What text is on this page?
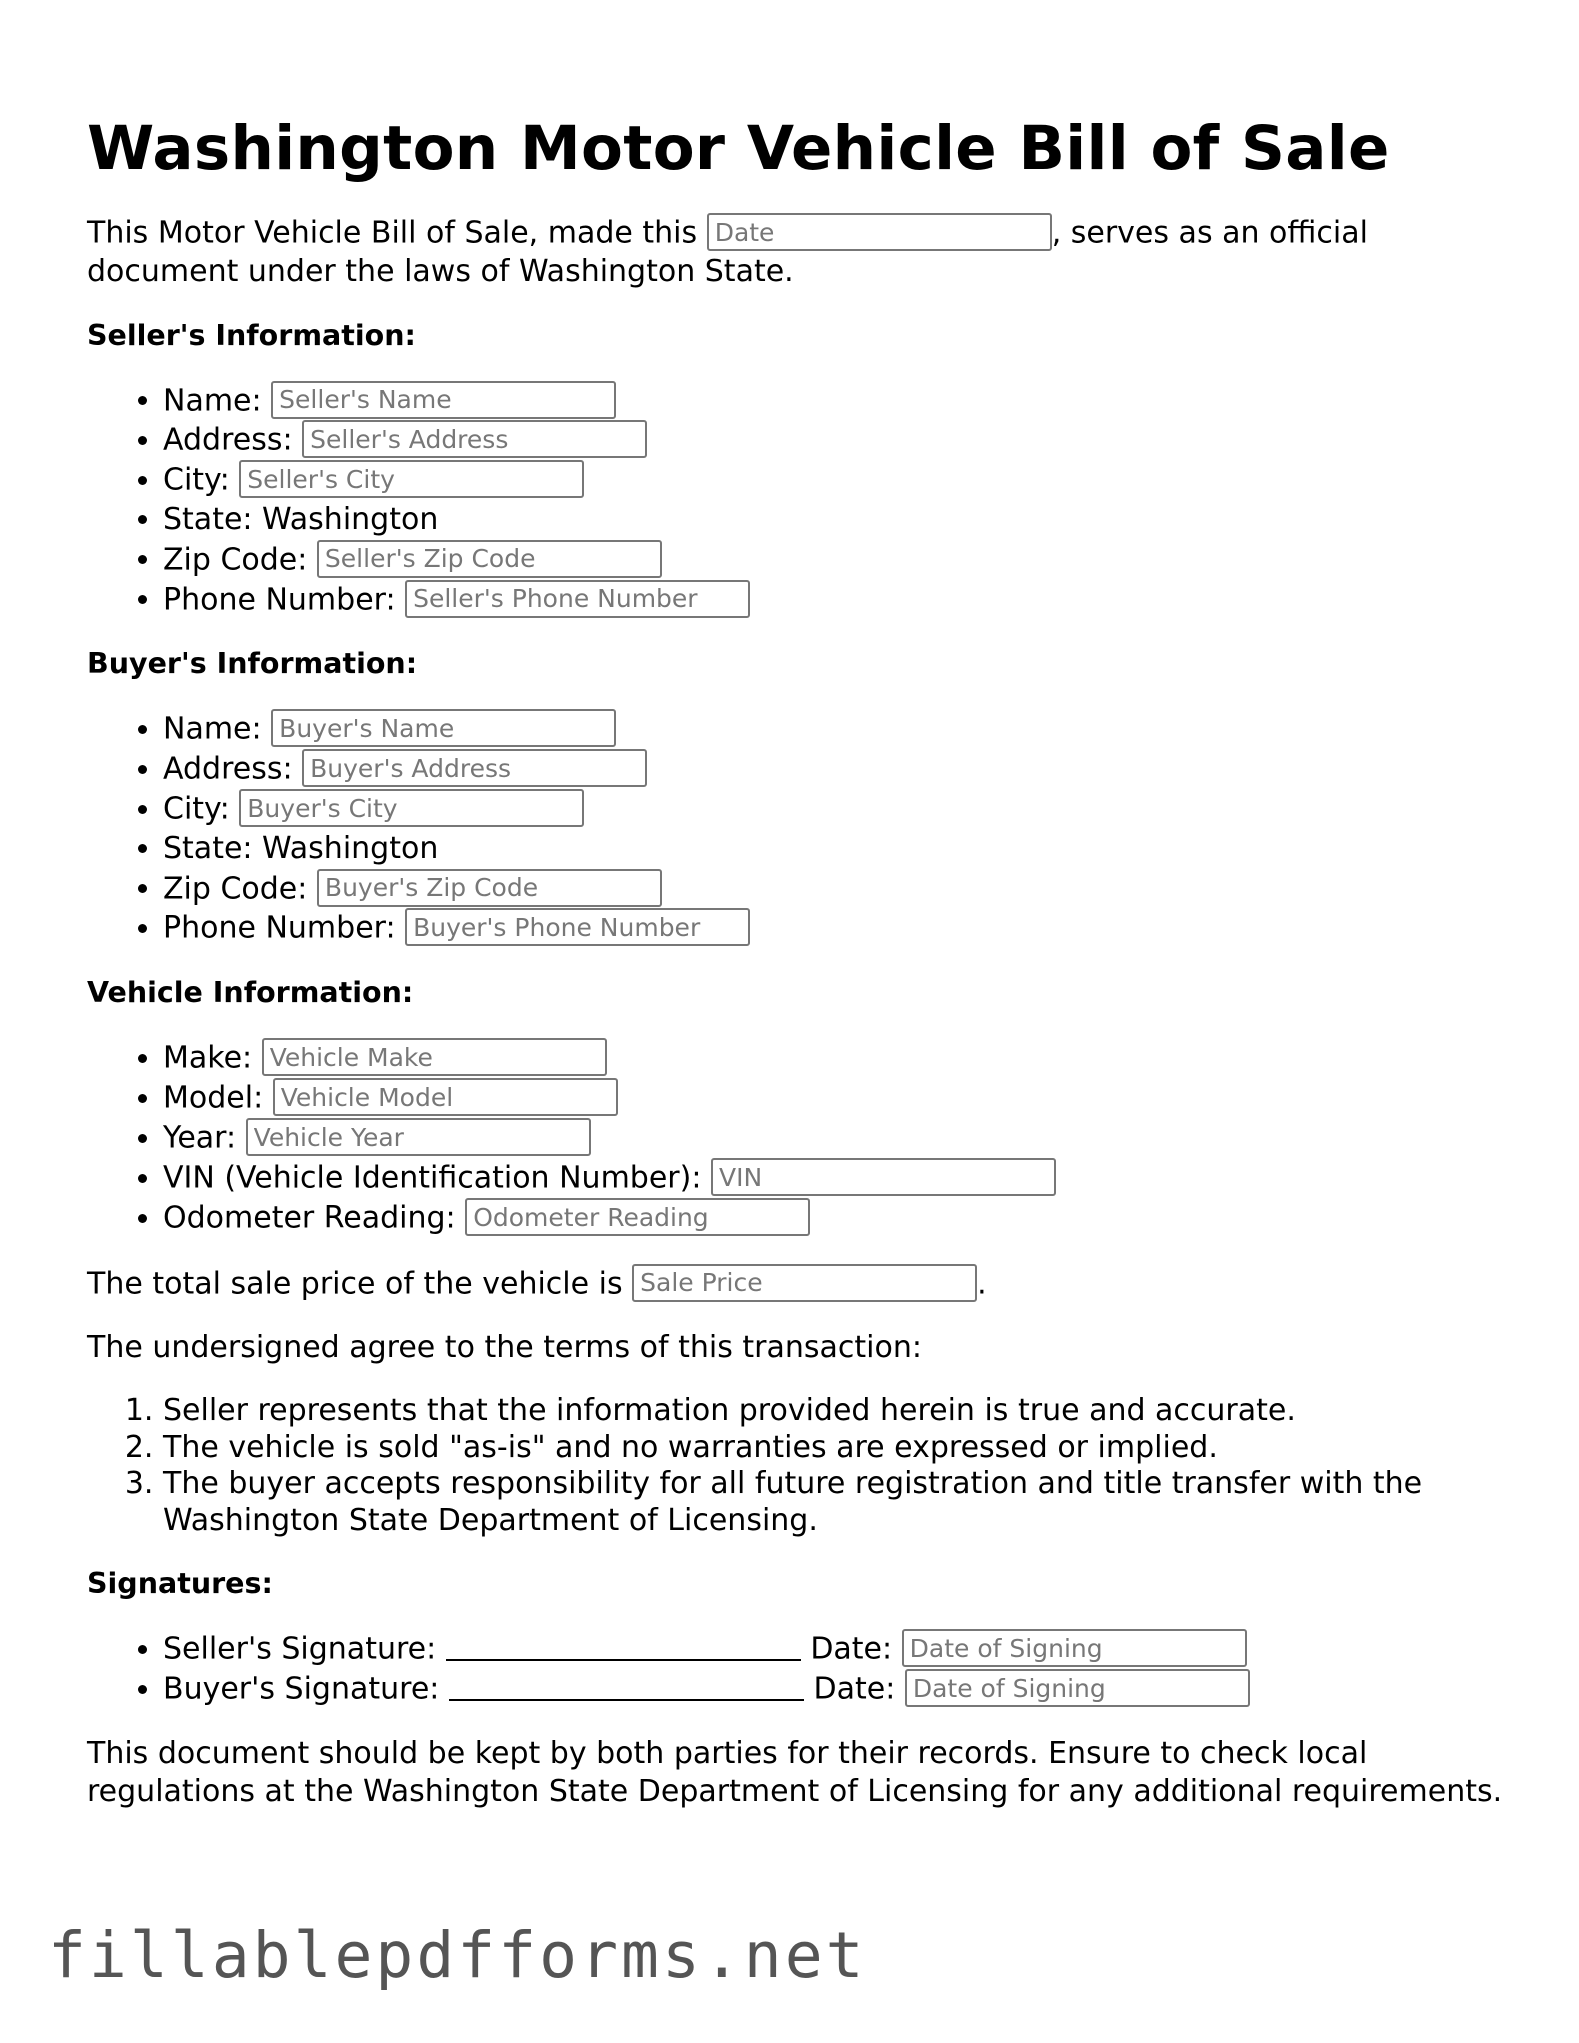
Washington Motor Vehicle Bill of Sale

This Motor Vehicle Bill of Sale, made this Date	, serves as an official document under the laws of Washington State.

Seller's Information:
• Name: Seller's Name
• Address: Seller's Address
• City: Seller's City
• State: Washington
• Zip Code: Seller's Zip Code
• Phone Number: Seller's Phone Number
Buyer's Information:
• Name: Buyer's Name
• Address: Buyer's Address
• City: Buyer's City
• State: Washington
• Zip Code: Buyer's Zip Code
• Phone Number: Buyer's Phone Number
Vehicle Information:
• Make: Vehicle Make
• Model: Vehicle Model
• Year: Vehicle Year
• VIN (Vehicle Identification Number): VIN
• Odometer Reading: Odometer Reading

The total sale price of the vehicle is Sale Price	.

The undersigned agree to the terms of this transaction:

1. Seller represents that the information provided herein is true and accurate.
2. The vehicle is sold "as-is" and no warranties are expressed or implied.
3. The buyer accepts responsibility for all future registration and title transfer with the Washington State Department of Licensing.
Signatures:
• Seller's Signature:	Date: Date of Signing
• Buyer's Signature:	Date: Date of Signing

This document should be kept by both parties for their records. Ensure to check local regulations at the Washington State Department of Licensing for any additional requirements.

fillablepdfforms.net
